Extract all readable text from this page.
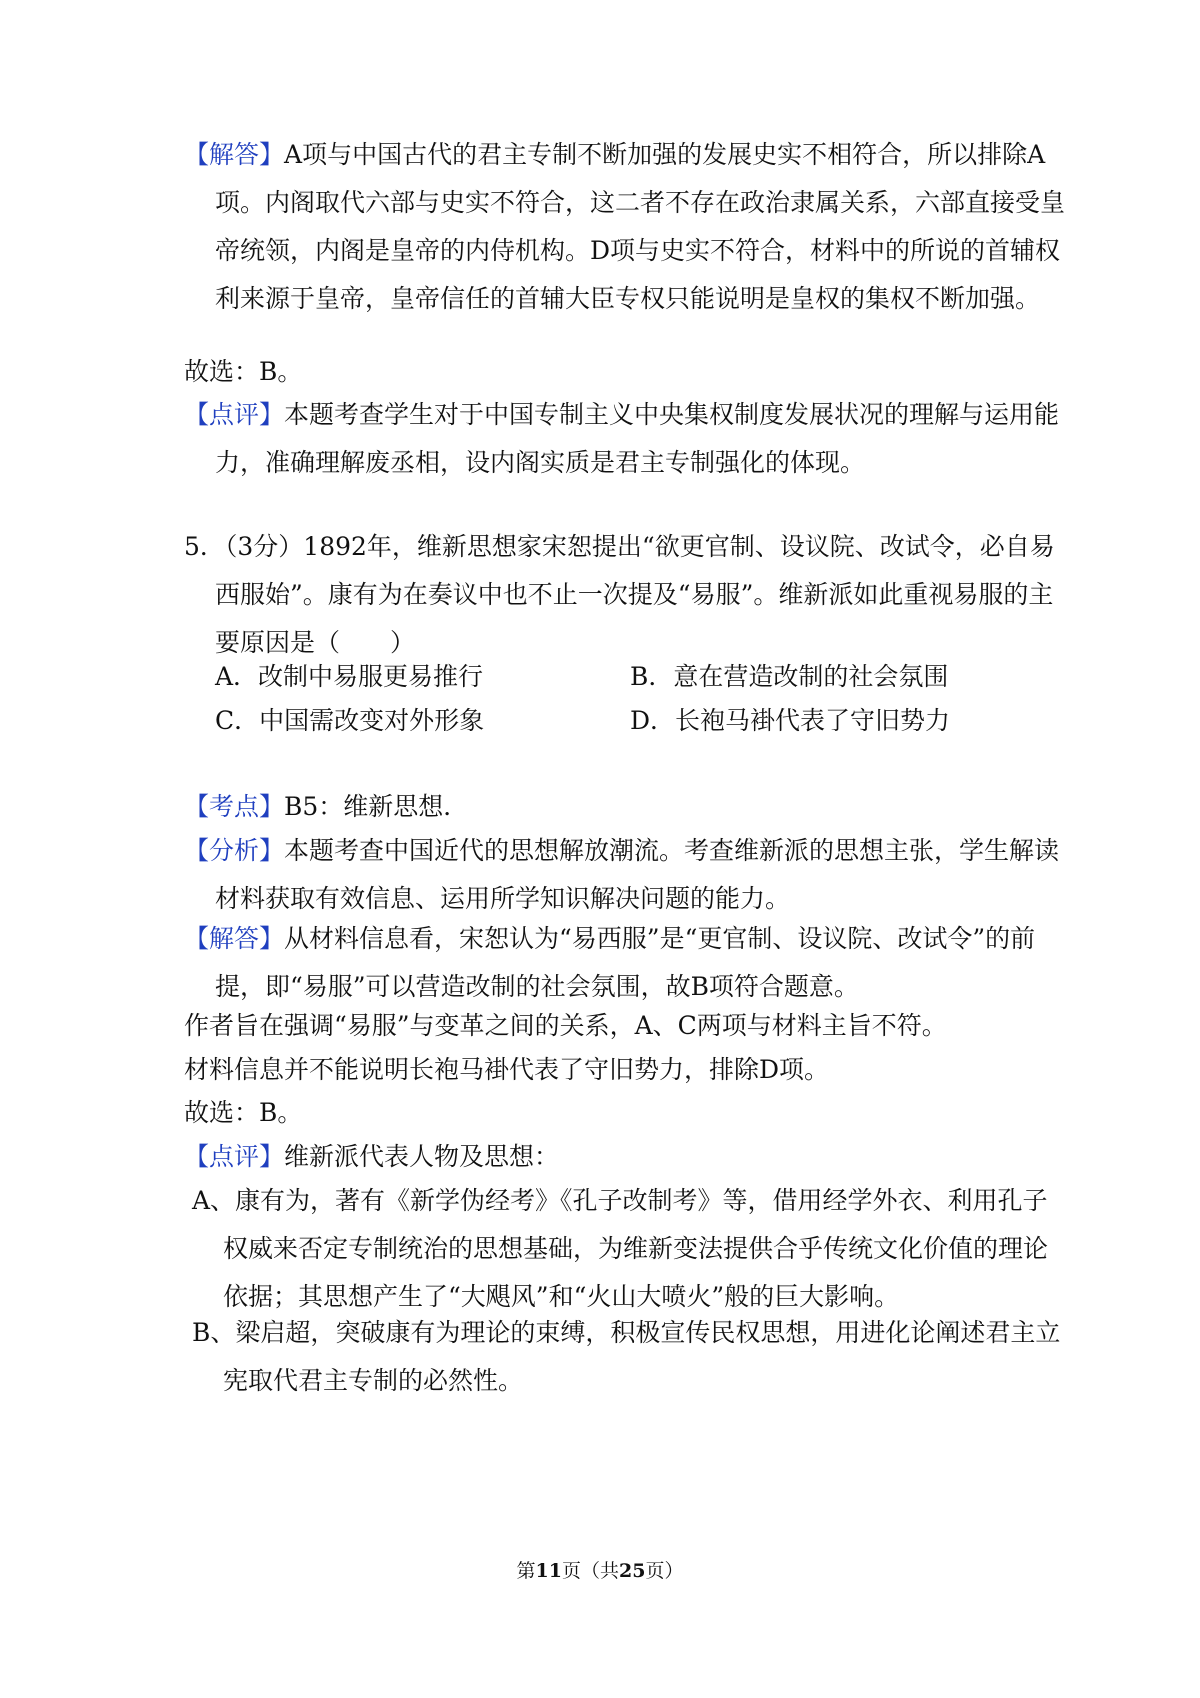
【解答】A项与中国古代的君主专制不断加强的发展史实不相符合，所以排除A项。内阁取代六部与史实不符合，这二者不存在政治隶属关系，六部直接受皇帝统领，内阁是皇帝的内侍机构。D项与史实不符合，材料中的所说的首辅权利来源于皇帝，皇帝信任的首辅大臣专权只能说明是皇权的集权不断加强。
故选：B。
【点评】本题考查学生对于中国专制主义中央集权制度发展状况的理解与运用能力，准确理解废丞相，设内阁实质是君主专制强化的体现。
5．（3分）1892年，维新思想家宋恕提出“欲更官制、设议院、改试令，必自易西服始”。康有为在奏议中也不止一次提及“易服”。维新派如此重视易服的主要原因是（　　）
A．改制中易服更易推行	B．意在营造改制的社会氛围
C．中国需改变对外形象	D．长袍马褂代表了守旧势力
【考点】B5：维新思想．
【分析】本题考查中国近代的思想解放潮流。考查维新派的思想主张，学生解读材料获取有效信息、运用所学知识解决问题的能力。
【解答】从材料信息看，宋恕认为“易西服”是“更官制、设议院、改试令”的前提，即“易服”可以营造改制的社会氛围，故B项符合题意。
作者旨在强调“易服”与变革之间的关系，A、C两项与材料主旨不符。
材料信息并不能说明长袍马褂代表了守旧势力，排除D项。
故选：B。
【点评】维新派代表人物及思想：
A、康有为，著有《新学伪经考》《孔子改制考》等，借用经学外衣、利用孔子权威来否定专制统治的思想基础，为维新变法提供合乎传统文化价值的理论依据；其思想产生了“大飓风”和“火山大喷火”般的巨大影响。
B、梁启超，突破康有为理论的束缚，积极宣传民权思想，用进化论阐述君主立宪取代君主专制的必然性。
第11页（共25页）
